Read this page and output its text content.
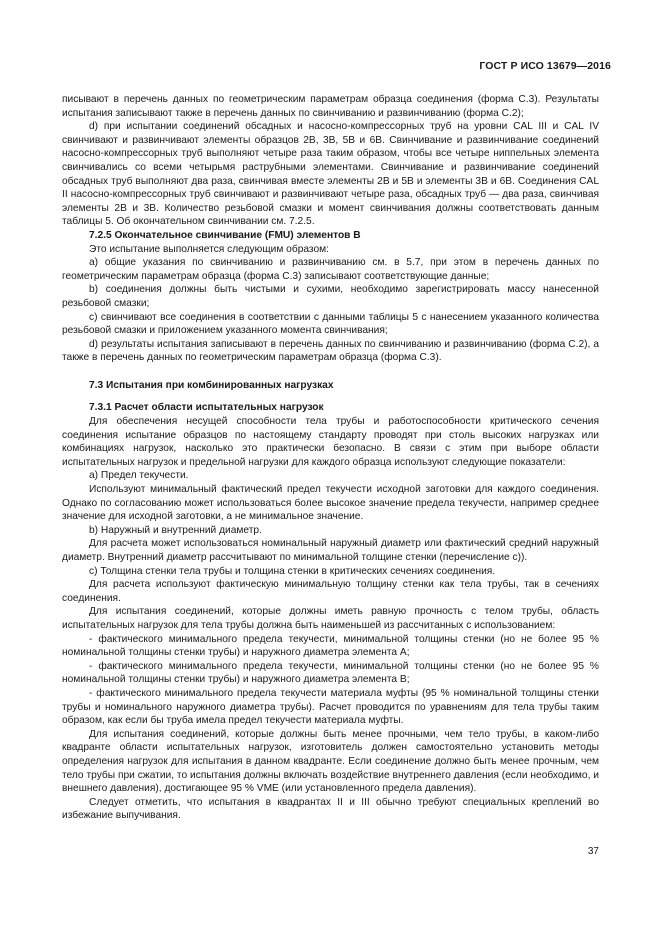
ГОСТ Р ИСО 13679—2016

писывают в перечень данных по геометрическим параметрам образца соединения (форма С.3). Результаты испытания записывают также в перечень данных по свинчиванию и развинчиванию (форма С.2);

d) при испытании соединений обсадных и насосно-компрессорных труб на уровни CAL III и CAL IV свинчивают и развинчивают элементы образцов 2B, 3B, 5B и 6B. Свинчивание и развинчивание соединений насосно-компрессорных труб выполняют четыре раза таким образом, чтобы все четыре ниппельных элемента свинчивались со всеми четырьмя раструбными элементами. Свинчивание и развинчивание соединений обсадных труб выполняют два раза, свинчивая вместе элементы 2B и 5B и элементы 3B и 6B. Соединения CAL II насосно-компрессорных труб свинчивают и развинчивают четыре раза, обсадных труб — два раза, свинчивая элементы 2B и 3B. Количество резьбовой смазки и момент свинчивания должны соответствовать данным таблицы 5. Об окончательном свинчивании см. 7.2.5.

7.2.5 Окончательное свинчивание (FMU) элементов В

Это испытание выполняется следующим образом:

a) общие указания по свинчиванию и развинчиванию см. в 5.7, при этом в перечень данных по геометрическим параметрам образца (форма С.3) записывают соответствующие данные;

b) соединения должны быть чистыми и сухими, необходимо зарегистрировать массу нанесенной резьбовой смазки;

c) свинчивают все соединения в соответствии с данными таблицы 5 с нанесением указанного количества резьбовой смазки и приложением указанного момента свинчивания;

d) результаты испытания записывают в перечень данных по свинчиванию и развинчиванию (форма С.2), а также в перечень данных по геометрическим параметрам образца (форма С.3).

7.3 Испытания при комбинированных нагрузках

7.3.1 Расчет области испытательных нагрузок

Для обеспечения несущей способности тела трубы и работоспособности критического сечения соединения испытание образцов по настоящему стандарту проводят при столь высоких нагрузках или комбинациях нагрузок, насколько это практически безопасно. В связи с этим при выборе области испытательных нагрузок и предельной нагрузки для каждого образца используют следующие показатели:

a) Предел текучести.

Используют минимальный фактический предел текучести исходной заготовки для каждого соединения. Однако по согласованию может использоваться более высокое значение предела текучести, например среднее значение для исходной заготовки, а не минимальное значение.

b) Наружный и внутренний диаметр.

Для расчета может использоваться номинальный наружный диаметр или фактический средний наружный диаметр. Внутренний диаметр рассчитывают по минимальной толщине стенки (перечисление с)).

c) Толщина стенки тела трубы и толщина стенки в критических сечениях соединения.

Для расчета используют фактическую минимальную толщину стенки как тела трубы, так в сечениях соединения.

Для испытания соединений, которые должны иметь равную прочность с телом трубы, область испытательных нагрузок для тела трубы должна быть наименьшей из рассчитанных с использованием:

- фактического минимального предела текучести, минимальной толщины стенки (но не более 95 % номинальной толщины стенки трубы) и наружного диаметра элемента А;

- фактического минимального предела текучести, минимальной толщины стенки (но не более 95 % номинальной толщины стенки трубы) и наружного диаметра элемента В;

- фактического минимального предела текучести материала муфты (95 % номинальной толщины стенки трубы и номинального наружного диаметра трубы). Расчет проводится по уравнениям для тела трубы таким образом, как если бы труба имела предел текучести материала муфты.

Для испытания соединений, которые должны быть менее прочными, чем тело трубы, в каком-либо квадранте области испытательных нагрузок, изготовитель должен самостоятельно установить методы определения нагрузок для испытания в данном квадранте. Если соединение должно быть менее прочным, чем тело трубы при сжатии, то испытания должны включать воздействие внутреннего давления (если необходимо, и внешнего давления), достигающее 95 % VME (или установленного предела давления).

Следует отметить, что испытания в квадрантах II и III обычно требуют специальных креплений во избежание выпучивания.

37
